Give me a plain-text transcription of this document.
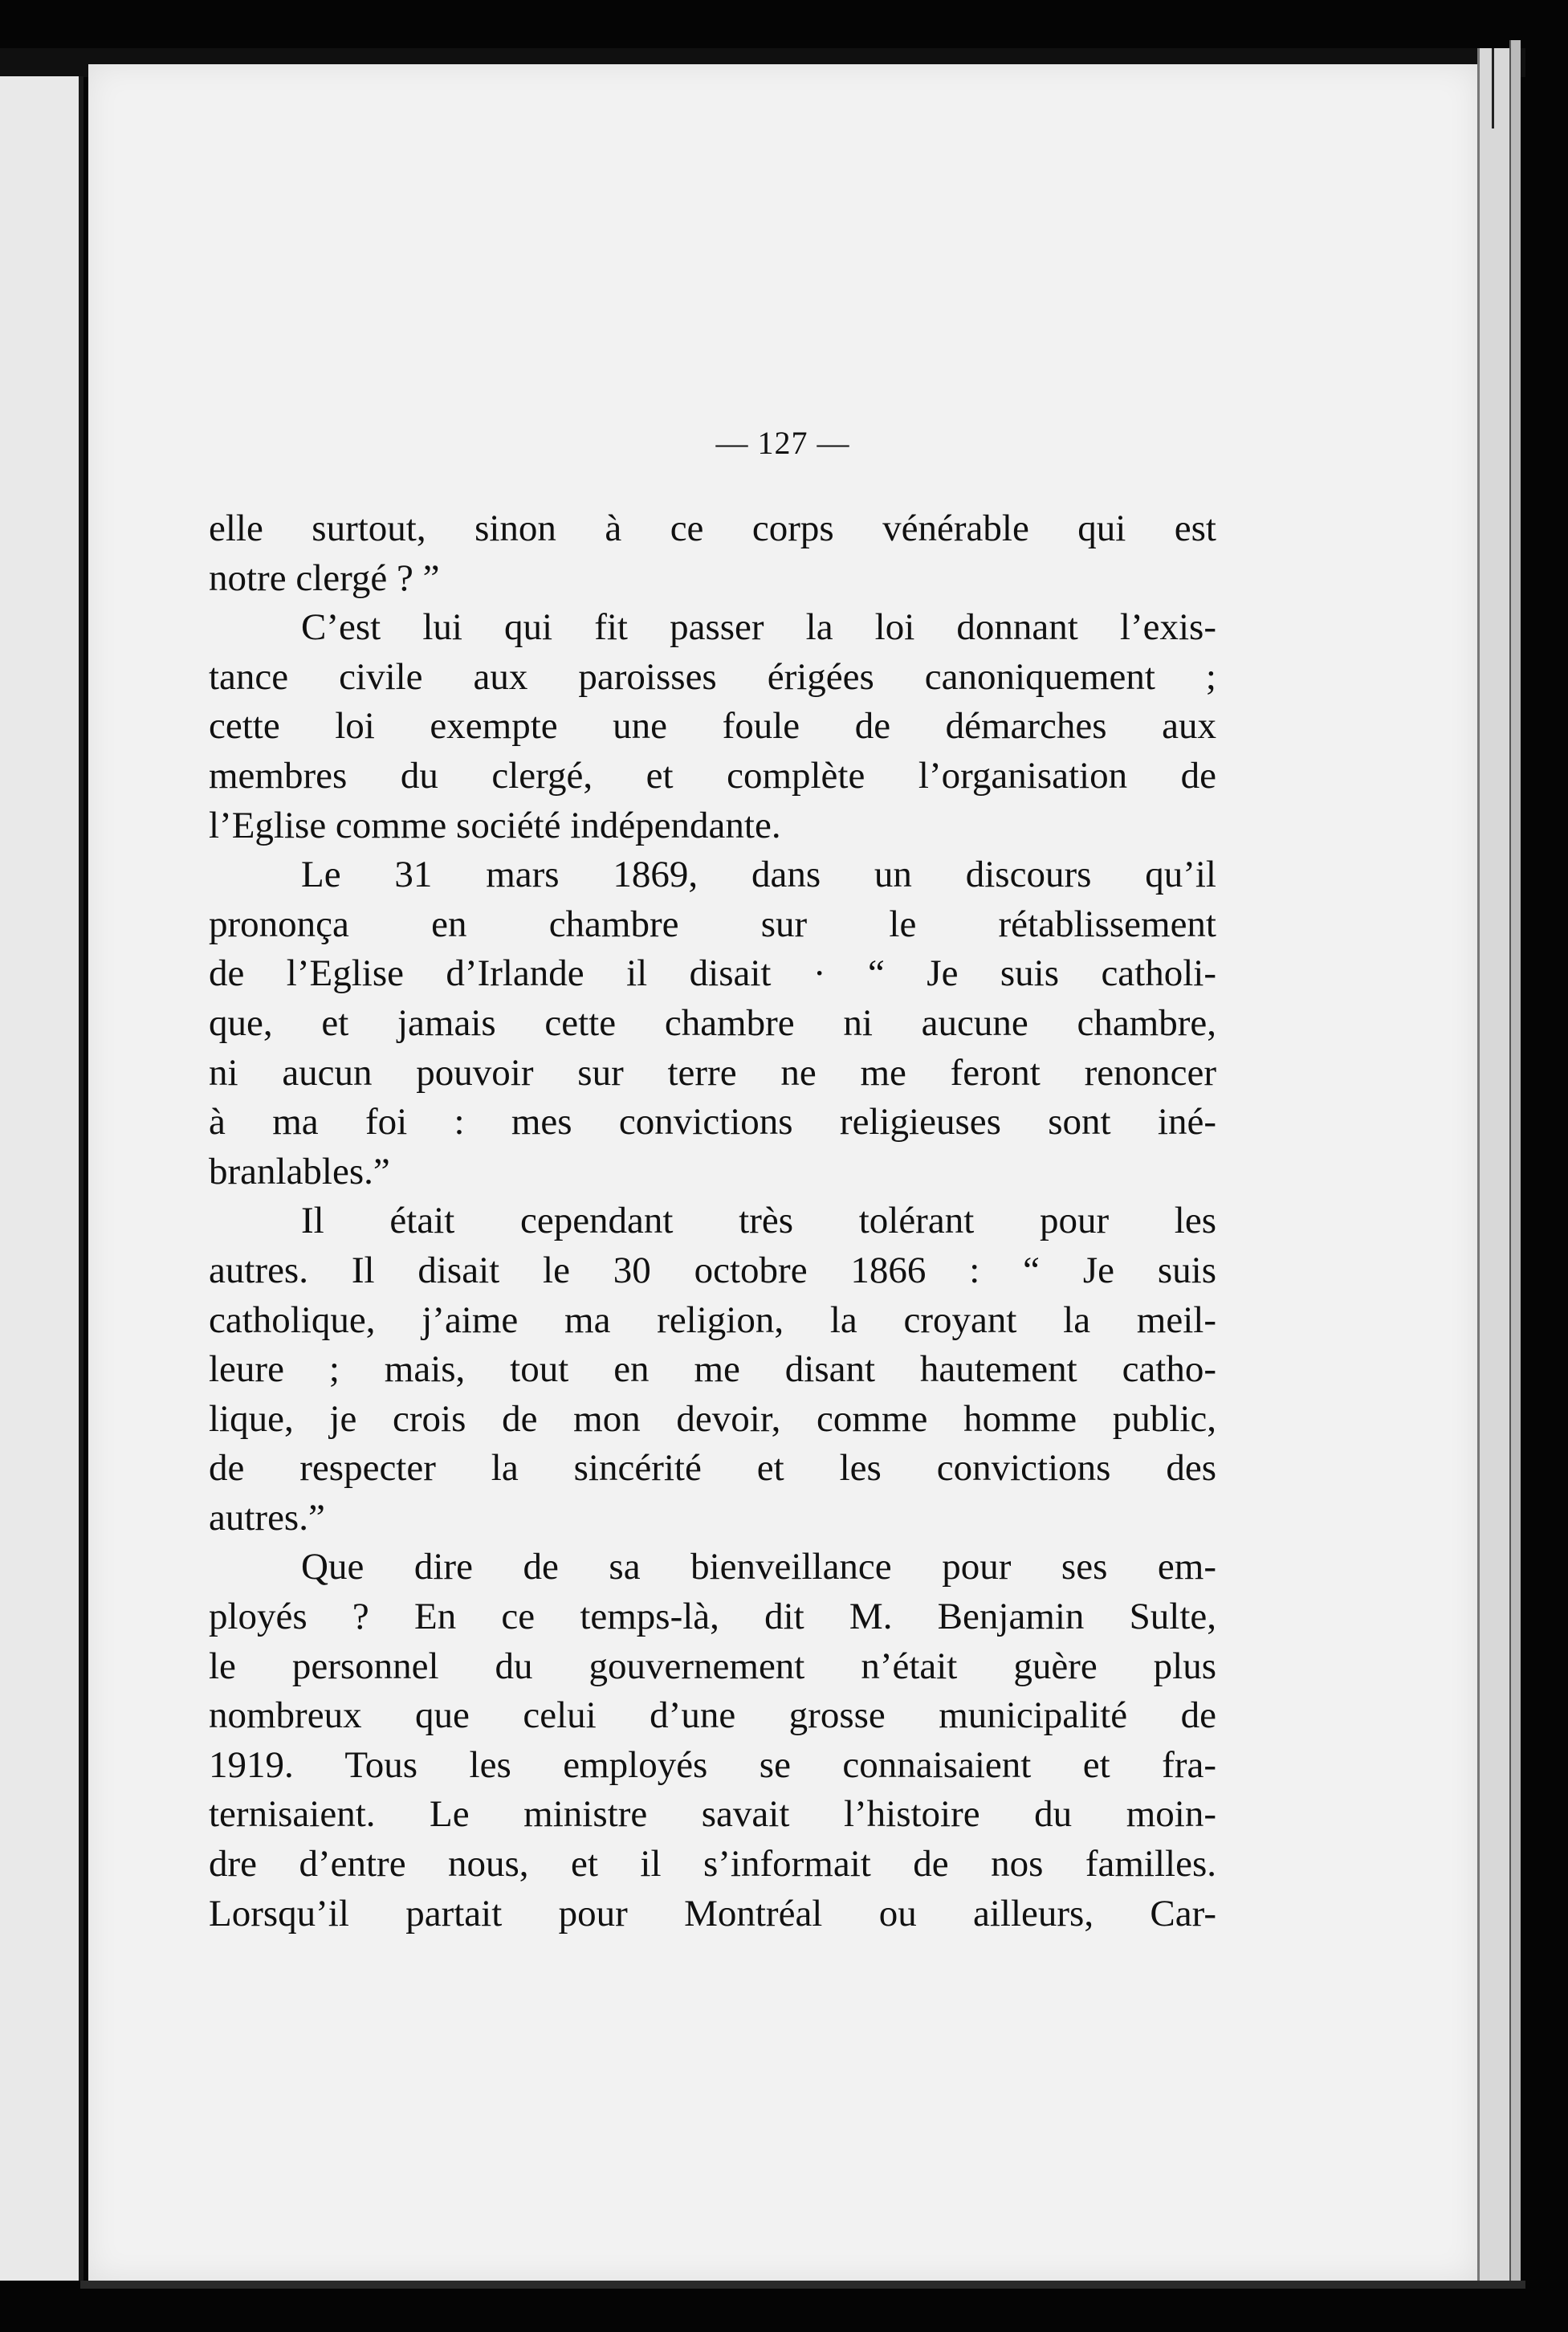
— 127 —
elle surtout, sinon à ce corps vénérable qui est
notre clergé ? ”
C’est lui qui fit passer la loi donnant l’exis-
tance civile aux paroisses érigées canoniquement ;
cette loi exempte une foule de démarches aux
membres du clergé, et complète l’organisation de
l’Eglise comme société indépendante.
Le 31 mars 1869, dans un discours qu’il
prononça en chambre sur le rétablissement
de l’Eglise d’Irlande il disait · “ Je suis catholi-
que, et jamais cette chambre ni aucune chambre,
ni aucun pouvoir sur terre ne me feront renoncer
à ma foi : mes convictions religieuses sont iné-
branlables.”
Il était cependant très tolérant pour les
autres. Il disait le 30 octobre 1866 : “ Je suis
catholique, j’aime ma religion, la croyant la meil-
leure ; mais, tout en me disant hautement catho-
lique, je crois de mon devoir, comme homme public,
de respecter la sincérité et les convictions des
autres.”
Que dire de sa bienveillance pour ses em-
ployés ? En ce temps-là, dit M. Benjamin Sulte,
le personnel du gouvernement n’était guère plus
nombreux que celui d’une grosse municipalité de
1919. Tous les employés se connaisaient et fra-
ternisaient. Le ministre savait l’histoire du moin-
dre d’entre nous, et il s’informait de nos familles.
Lorsqu’il partait pour Montréal ou ailleurs, Car-
